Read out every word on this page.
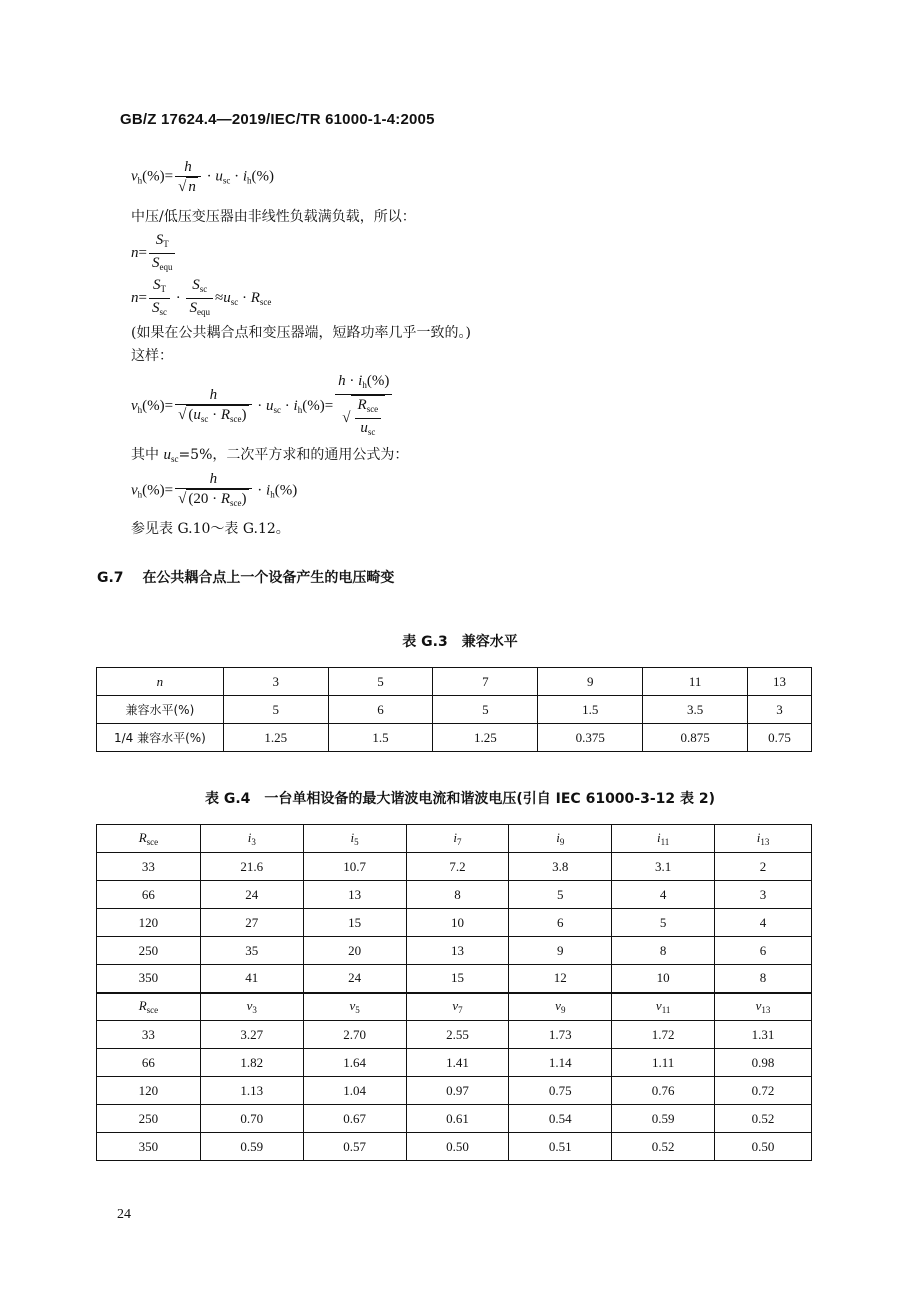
GB/Z 17624.4—2019/IEC/TR 61000-1-4:2005
$v_h(\%)= \frac{h}{√ n} \cdot u_{sc} \cdot i_h(\%)$
中压/低压变压器由非线性负载满负载，所以：
$n= \frac{S_T}{S_{equ}}$
$n= \frac{S_T}{S_{sc}} \cdot \frac{S_{sc}}{S_{equ}} \approx u_{sc} \cdot R_{sce}$
(如果在公共耦合点和变压器端，短路功率几乎一致的。)
这样：
$v_h(\%)= \frac{h}{√ (u_{sc} \cdot R_{sce})} \cdot u_{sc} \cdot i_h(\%)= \frac{h \cdot i_h(\%)}{√ \frac{R_{sce}}{u_{sc}}}$
其中 $u_{sc}=5\%$，二次平方求和的通用公式为：
$v_h(\%)= \frac{h}{√ (20 \cdot R_{sce})} \cdot i_h(\%)$
参见表 G.10～表 G.12。
G.7 在公共耦合点上一个设备产生的电压畸变
表 G.3　兼容水平
n	3	5	7	9	11	13
兼容水平(%)	5	6	5	1.5	3.5	3
1/4 兼容水平(%)	1.25	1.5	1.25	0.375	0.875	0.75
表 G.4　一台单相设备的最大谐波电流和谐波电压(引自 IEC 61000-3-12 表 2)
$R_{sce}$	$i_3$	$i_5$	$i_7$	$i_9$	$i_{11}$	$i_{13}$
33	21.6	10.7	7.2	3.8	3.1	2
66	24	13	8	5	4	3
120	27	15	10	6	5	4
250	35	20	13	9	8	6
350	41	24	15	12	10	8
$R_{sce}$	$v_3$	$v_5$	$v_7$	$v_9$	$v_{11}$	$v_{13}$
33	3.27	2.70	2.55	1.73	1.72	1.31
66	1.82	1.64	1.41	1.14	1.11	0.98
120	1.13	1.04	0.97	0.75	0.76	0.72
250	0.70	0.67	0.61	0.54	0.59	0.52
350	0.59	0.57	0.50	0.51	0.52	0.50
24
